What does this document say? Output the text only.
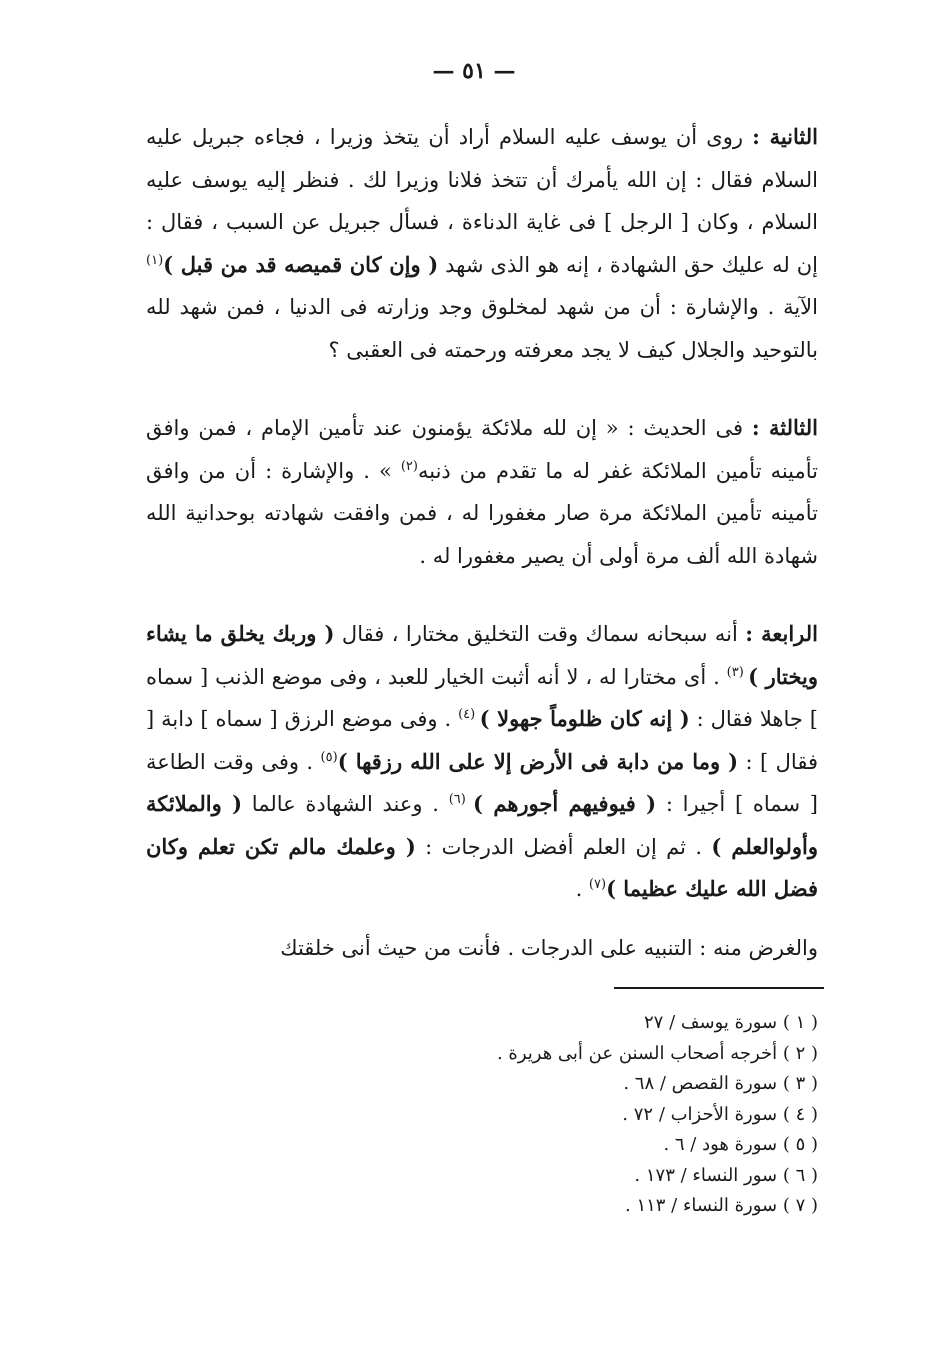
— ٥١ —

الثانية : روى أن يوسف عليه السلام أراد أن يتخذ وزيرا ، فجاءه جبريل عليه السلام فقال : إن الله يأمرك أن تتخذ فلانا وزيرا لك . فنظر إليه يوسف عليه السلام ، وكان [ الرجل ] فى غاية الدناءة ، فسأل جبريل عن السبب ، فقال : إن له عليك حق الشهادة ، إنه هو الذى شهد ( وإن كان قميصه قد من قبل )$^{(١)}$ الآية . والإشارة : أن من شهد لمخلوق وجد وزارته فى الدنيا ، فمن شهد لله بالتوحيد والجلال كيف لا يجد معرفته ورحمته فى العقبى ؟

الثالثة : فى الحديث : « إن لله ملائكة يؤمنون عند تأمين الإمام ، فمن وافق تأمينه تأمين الملائكة غفر له ما تقدم من ذنبه$^{(٢)}$ » . والإشارة : أن من وافق تأمينه تأمين الملائكة مرة صار مغفورا له ، فمن وافقت شهادته بوحدانية الله شهادة الله ألف مرة أولى أن يصير مغفورا له .

الرابعة : أنه سبحانه سماك وقت التخليق مختارا ، فقال ( وربك يخلق ما يشاء ويختار ) $^{(٣)}$ . أى مختارا له ، لا أنه أثبت الخيار للعبد ، وفى موضع الذنب [ سماه ] جاهلا فقال : ( إنه كان ظلوماً جهولا ) $^{(٤)}$ . وفى موضع الرزق [ سماه ] دابة [ فقال ] : ( وما من دابة فى الأرض إلا على الله رزقها )$^{(٥)}$ . وفى وقت الطاعة [ سماه ] أجيرا : ( فيوفيهم أجورهم ) $^{(٦)}$ . وعند الشهادة عالما ( والملائكة وأولوالعلم ) . ثم إن العلم أفضل الدرجات : ( وعلمك مالم تكن تعلم وكان فضل الله عليك عظيما )$^{(٧)}$ .

والغرض منه : التنبيه على الدرجات . فأنت من حيث أنى خلقتك

( ١ ) سورة يوسف / ٢٧
( ٢ ) أخرجه أصحاب السنن عن أبى هريرة .
( ٣ ) سورة القصص / ٦٨ .
( ٤ ) سورة الأحزاب / ٧٢ .
( ٥ ) سورة هود / ٦ .
( ٦ ) سور النساء / ١٧٣ .
( ٧ ) سورة النساء / ١١٣ .
